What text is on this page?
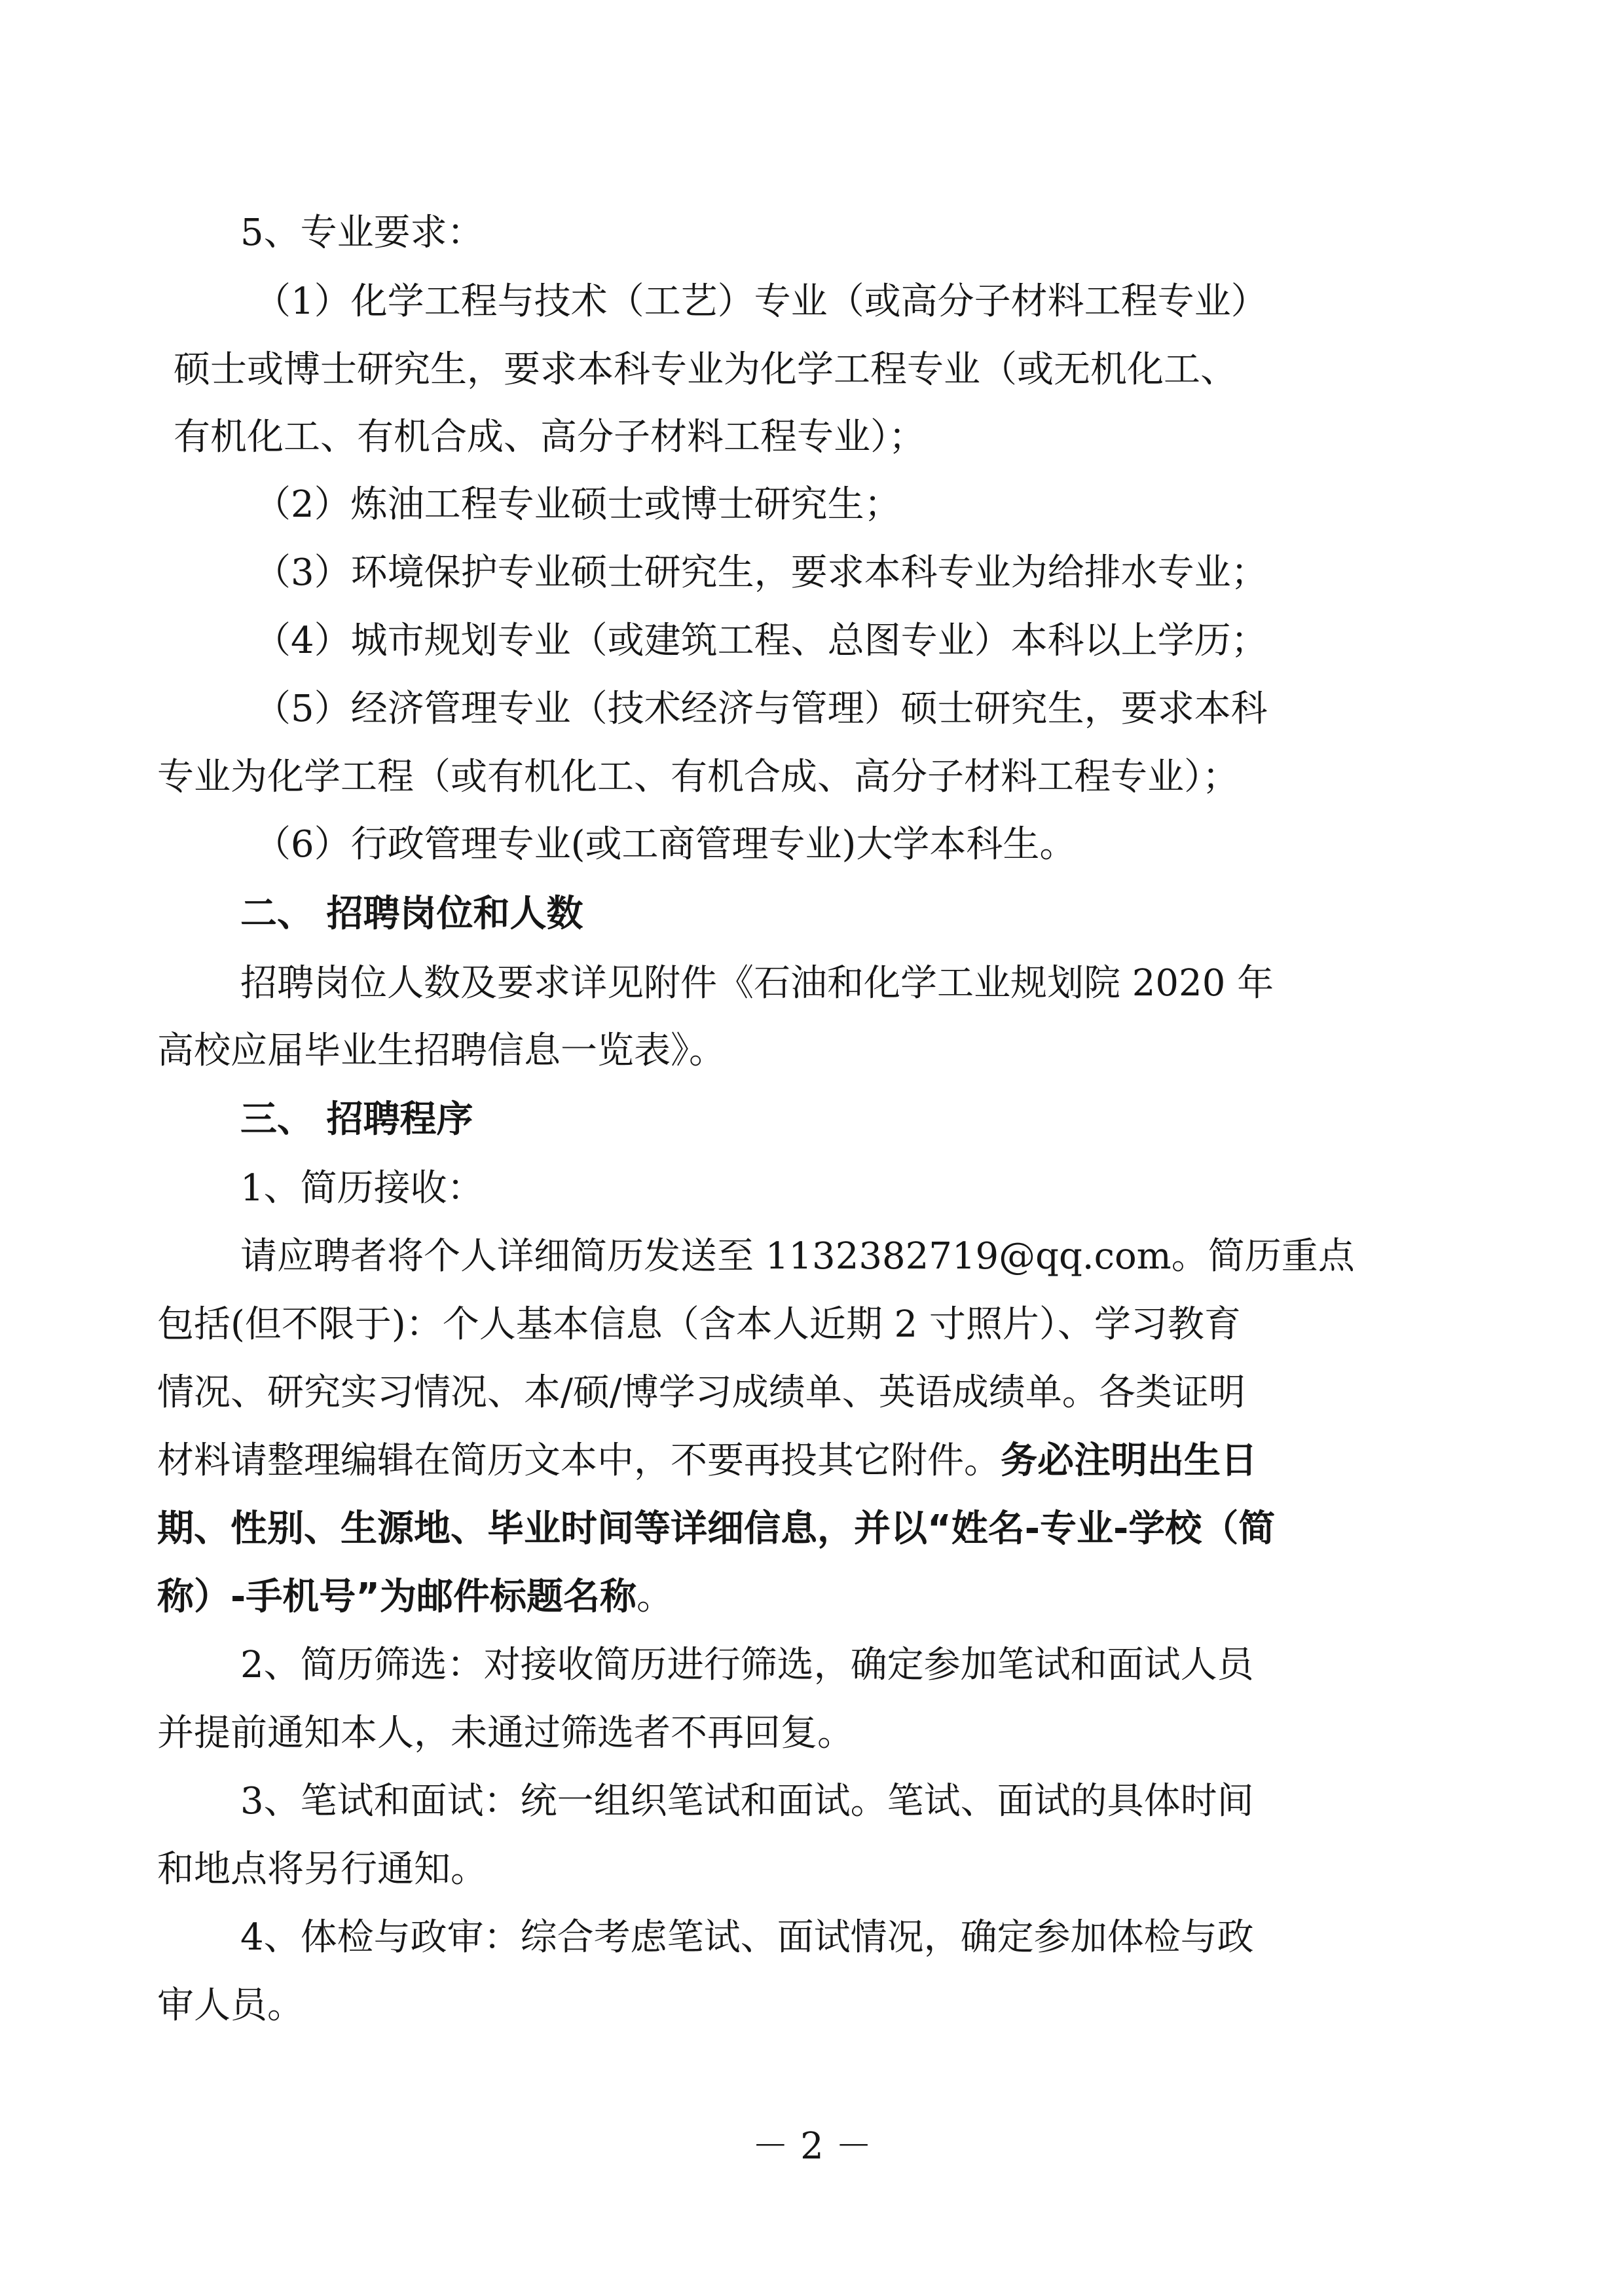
5、专业要求：

（1）化学工程与技术（工艺）专业（或高分子材料工程专业）

硕士或博士研究生，要求本科专业为化学工程专业（或无机化工、

有机化工、有机合成、高分子材料工程专业）；

（2）炼油工程专业硕士或博士研究生；

（3）环境保护专业硕士研究生，要求本科专业为给排水专业；

（4）城市规划专业（或建筑工程、总图专业）本科以上学历；

（5）经济管理专业（技术经济与管理）硕士研究生，要求本科

专业为化学工程（或有机化工、有机合成、高分子材料工程专业）；

（6）行政管理专业(或工商管理专业)大学本科生。

二、 招聘岗位和人数

招聘岗位人数及要求详见附件《石油和化学工业规划院 2020 年

高校应届毕业生招聘信息一览表》。

三、 招聘程序

1、简历接收：

请应聘者将个人详细简历发送至 1132382719@qq.com。简历重点

包括(但不限于)：个人基本信息（含本人近期 2 寸照片）、学习教育

情况、研究实习情况、本/硕/博学习成绩单、英语成绩单。各类证明

材料请整理编辑在简历文本中，不要再投其它附件。务必注明出生日

期、性别、生源地、毕业时间等详细信息，并以“姓名-专业-学校（简

称）-手机号”为邮件标题名称。

2、简历筛选：对接收简历进行筛选，确定参加笔试和面试人员

并提前通知本人，未通过筛选者不再回复。

3、笔试和面试：统一组织笔试和面试。笔试、面试的具体时间

和地点将另行通知。

4、体检与政审：综合考虑笔试、面试情况，确定参加体检与政

审人员。

－ 2 －
